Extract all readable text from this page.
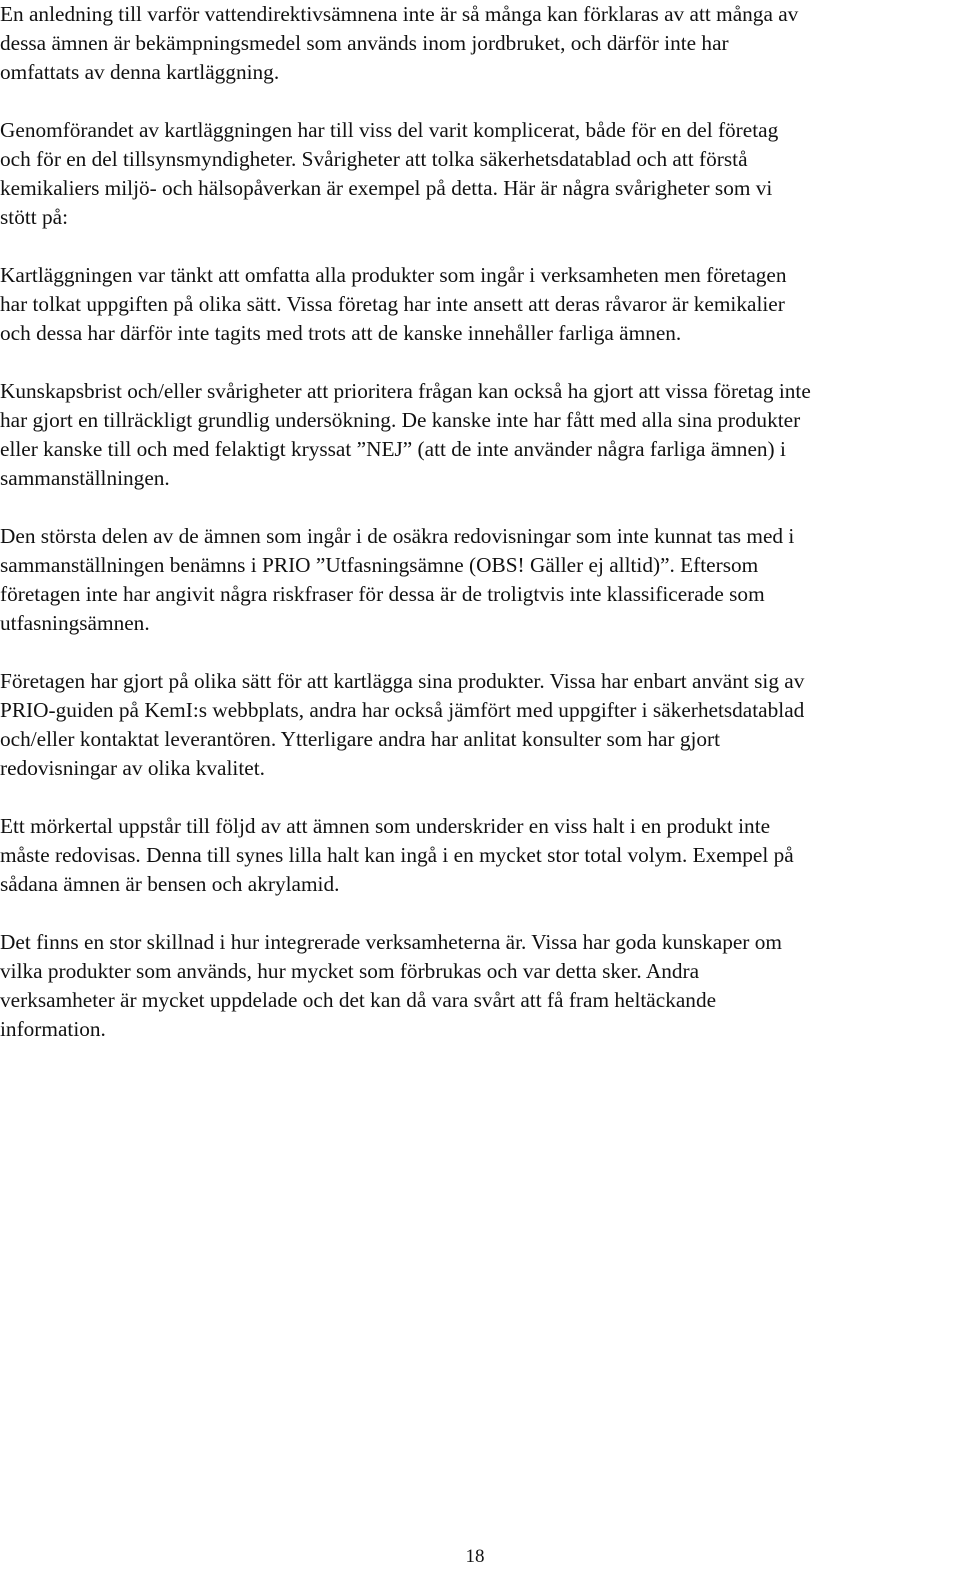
En anledning till varför vattendirektivsämnena inte är så många kan förklaras av att många av
dessa ämnen är bekämpningsmedel som används inom jordbruket, och därför inte har
omfattats av denna kartläggning.

Genomförandet av kartläggningen har till viss del varit komplicerat, både för en del företag
och för en del tillsynsmyndigheter. Svårigheter att tolka säkerhetsdatablad och att förstå
kemikaliers miljö- och hälsopåverkan är exempel på detta. Här är några svårigheter som vi
stött på:

Kartläggningen var tänkt att omfatta alla produkter som ingår i verksamheten men företagen
har tolkat uppgiften på olika sätt. Vissa företag har inte ansett att deras råvaror är kemikalier
och dessa har därför inte tagits med trots att de kanske innehåller farliga ämnen.

Kunskapsbrist och/eller svårigheter att prioritera frågan kan också ha gjort att vissa företag inte
har gjort en tillräckligt grundlig undersökning. De kanske inte har fått med alla sina produkter
eller kanske till och med felaktigt kryssat ”NEJ” (att de inte använder några farliga ämnen) i
sammanställningen.

Den största delen av de ämnen som ingår i de osäkra redovisningar som inte kunnat tas med i
sammanställningen benämns i PRIO ”Utfasningsämne (OBS! Gäller ej alltid)”. Eftersom
företagen inte har angivit några riskfraser för dessa är de troligtvis inte klassificerade som
utfasningsämnen.

Företagen har gjort på olika sätt för att kartlägga sina produkter. Vissa har enbart använt sig av
PRIO-guiden på KemI:s webbplats, andra har också jämfört med uppgifter i säkerhetsdatablad
och/eller kontaktat leverantören. Ytterligare andra har anlitat konsulter som har gjort
redovisningar av olika kvalitet.

Ett mörkertal uppstår till följd av att ämnen som underskrider en viss halt i en produkt inte
måste redovisas. Denna till synes lilla halt kan ingå i en mycket stor total volym. Exempel på
sådana ämnen är bensen och akrylamid.

Det finns en stor skillnad i hur integrerade verksamheterna är. Vissa har goda kunskaper om
vilka produkter som används, hur mycket som förbrukas och var detta sker. Andra
verksamheter är mycket uppdelade och det kan då vara svårt att få fram heltäckande
information.

18
